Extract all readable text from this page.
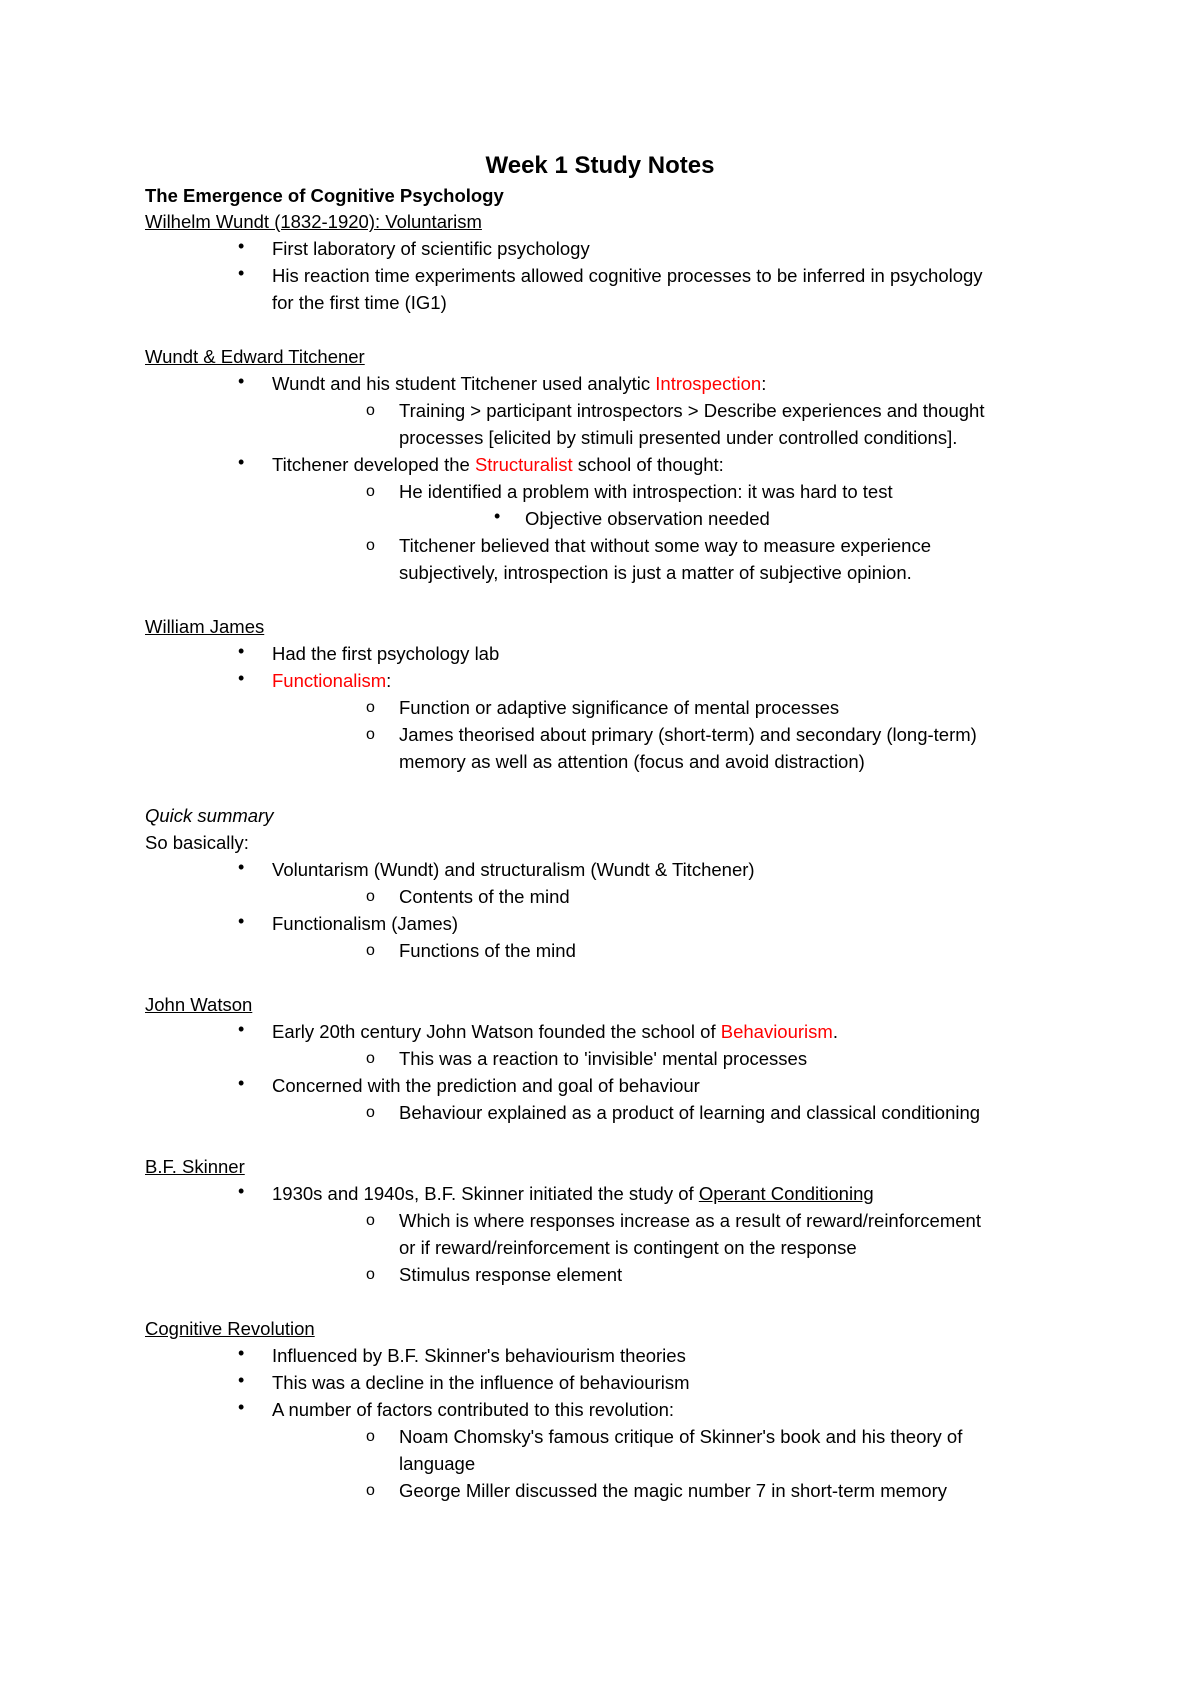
Week 1 Study Notes
The Emergence of Cognitive Psychology
Wilhelm Wundt (1832-1920): Voluntarism
• First laboratory of scientific psychology
• His reaction time experiments allowed cognitive processes to be inferred in psychology
for the first time (IG1)
Wundt & Edward Titchener
• Wundt and his student Titchener used analytic Introspection:
o Training > participant introspectors > Describe experiences and thought
processes [elicited by stimuli presented under controlled conditions].
• Titchener developed the Structuralist school of thought:
o He identified a problem with introspection: it was hard to test
• Objective observation needed
o Titchener believed that without some way to measure experience
subjectively, introspection is just a matter of subjective opinion.
William James
• Had the first psychology lab
• Functionalism:
o Function or adaptive significance of mental processes
o James theorised about primary (short-term) and secondary (long-term)
memory as well as attention (focus and avoid distraction)
Quick summary
So basically:
• Voluntarism (Wundt) and structuralism (Wundt & Titchener)
o Contents of the mind
• Functionalism (James)
o Functions of the mind
John Watson
• Early 20th century John Watson founded the school of Behaviourism.
o This was a reaction to 'invisible' mental processes
• Concerned with the prediction and goal of behaviour
o Behaviour explained as a product of learning and classical conditioning
B.F. Skinner
• 1930s and 1940s, B.F. Skinner initiated the study of Operant Conditioning
o Which is where responses increase as a result of reward/reinforcement
or if reward/reinforcement is contingent on the response
o Stimulus response element
Cognitive Revolution
• Influenced by B.F. Skinner's behaviourism theories
• This was a decline in the influence of behaviourism
• A number of factors contributed to this revolution:
o Noam Chomsky's famous critique of Skinner's book and his theory of
language
o George Miller discussed the magic number 7 in short-term memory
